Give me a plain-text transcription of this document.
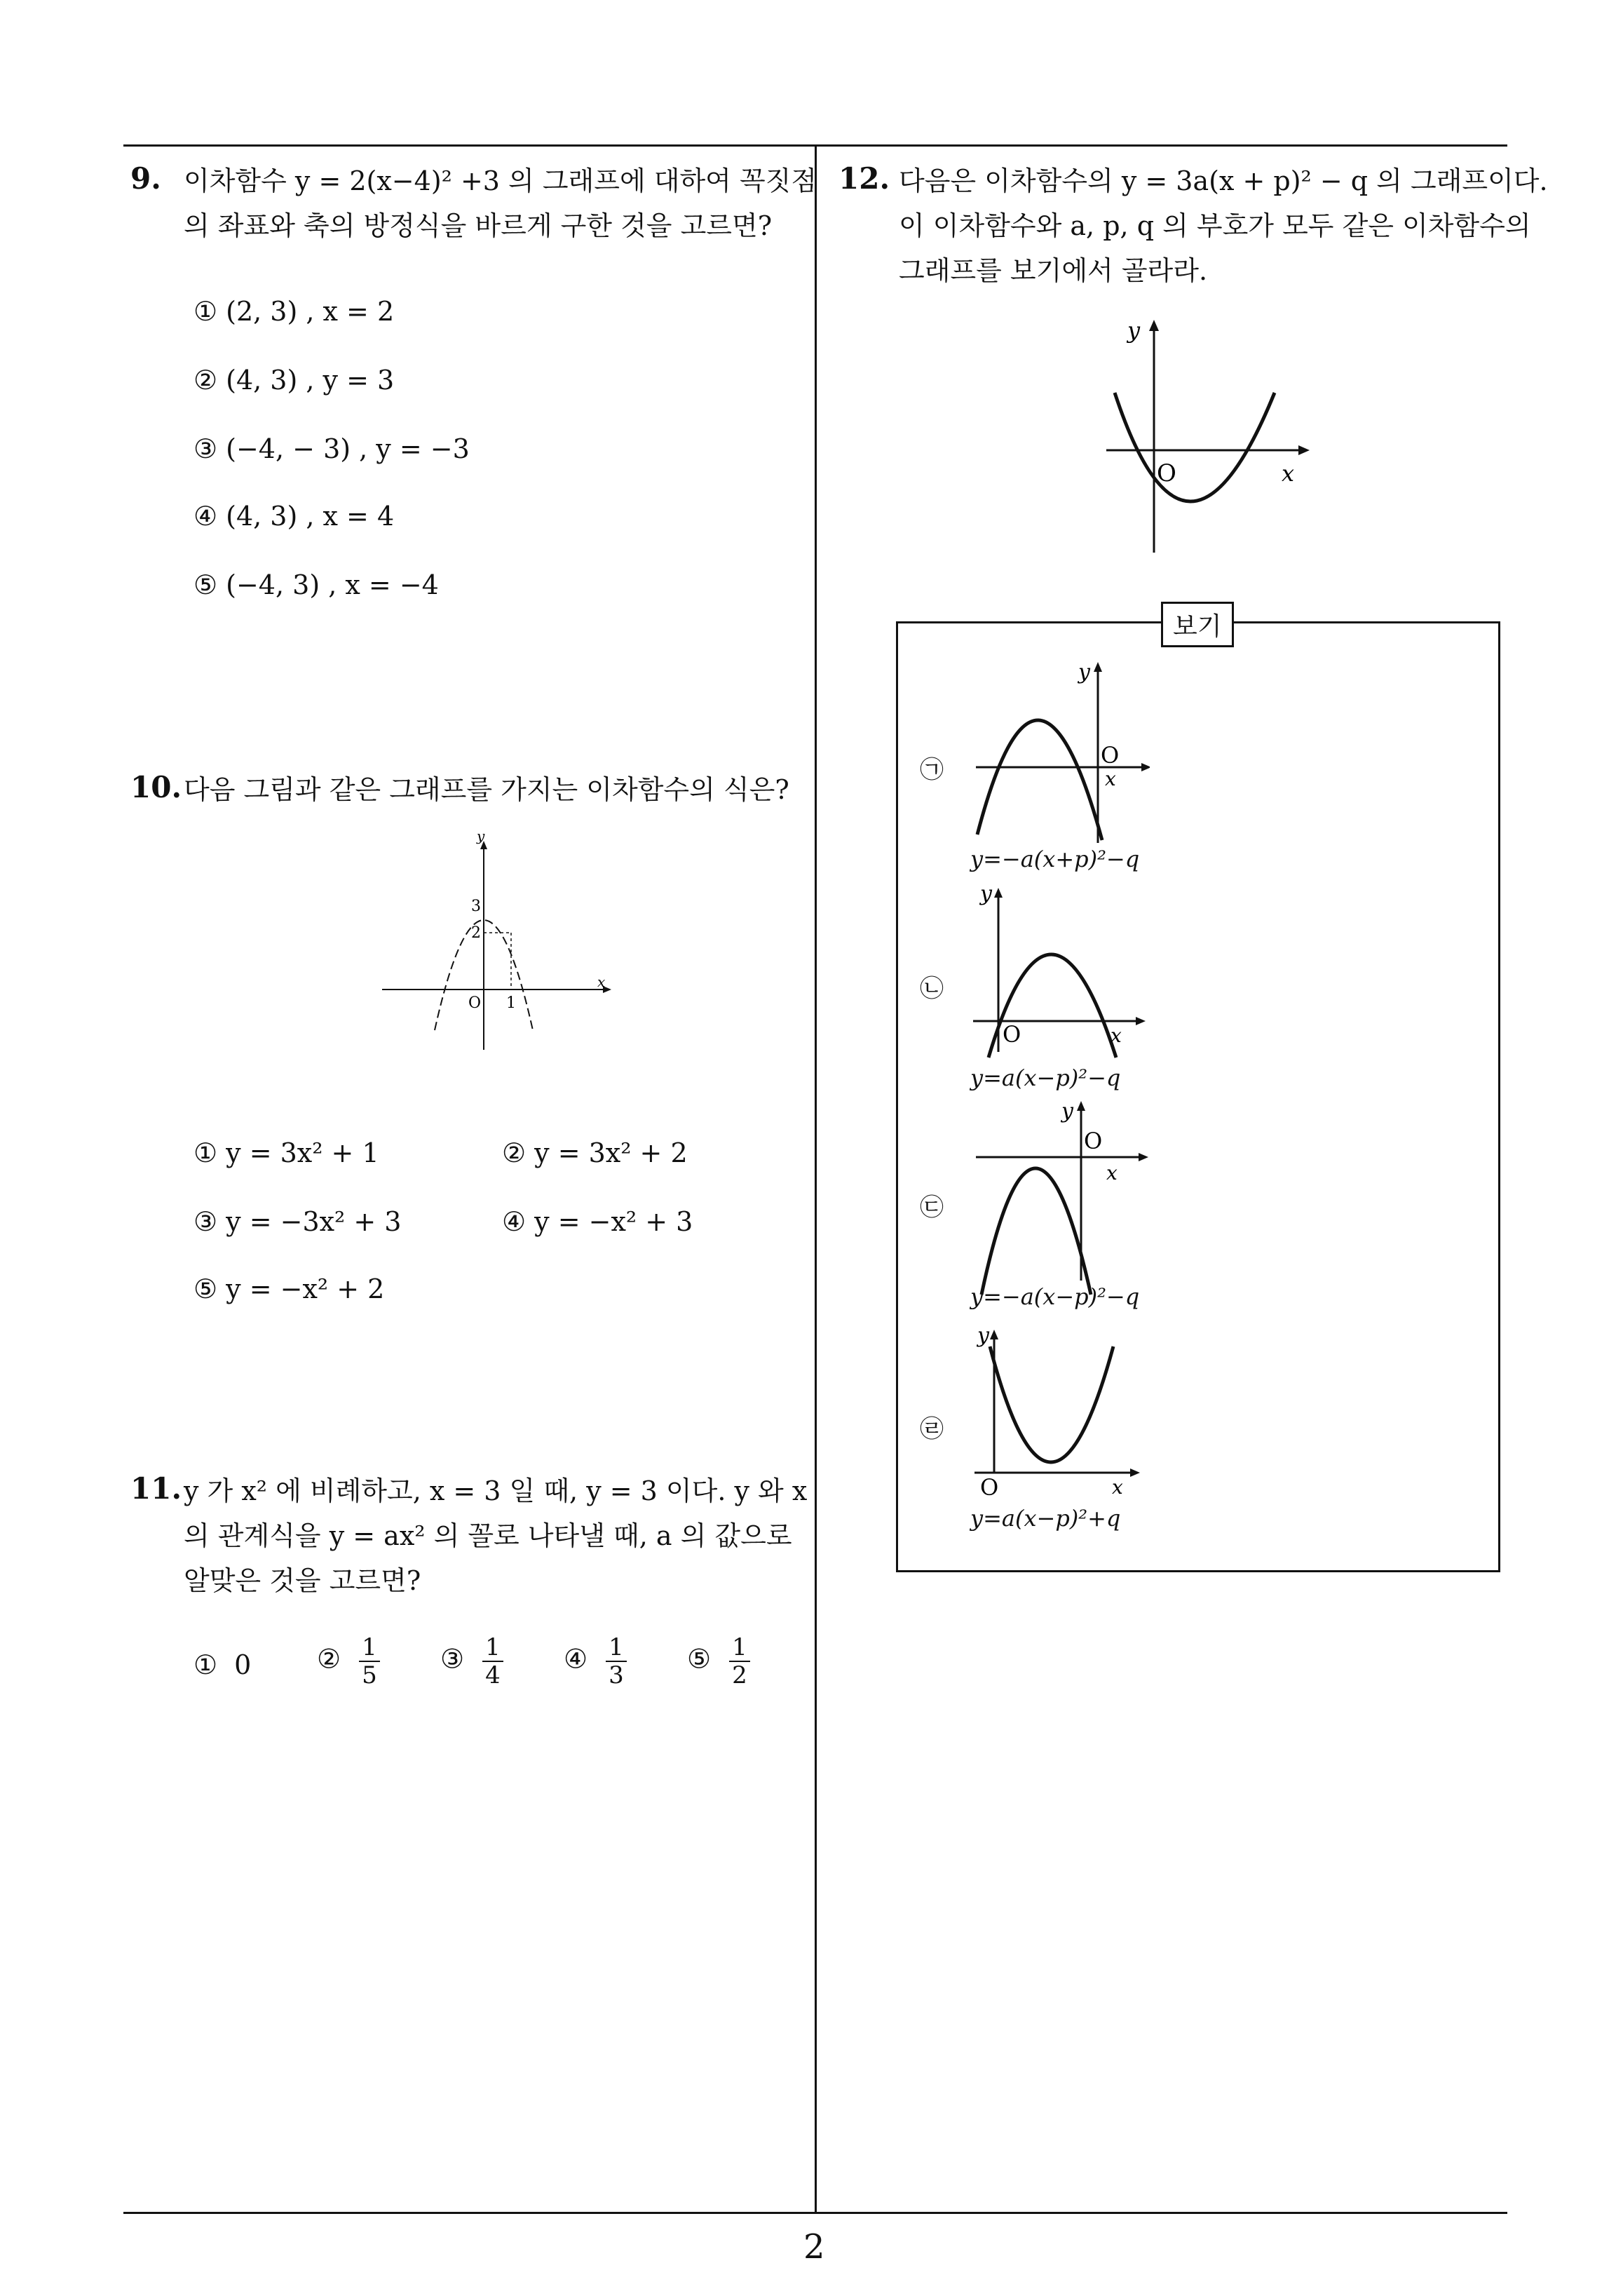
9. 이차함수 y = 2(x−4)² +3 의 그래프에 대하여 꼭짓점
의 좌표와 축의 방정식을 바르게 구한 것을 고르면?
① (2, 3) , x = 2
② (4, 3) , y = 3
③ (−4, − 3) , y = −3
④ (4, 3) , x = 4
⑤ (−4, 3) , x = −4
10. 다음 그림과 같은 그래프를 가지는 이차함수의 식은?
y
x
O 1
3
2
① y = 3x² + 1	② y = 3x² + 2
③ y = −3x² + 3	④ y = −x² + 3
⑤ y = −x² + 2
11. y 가 x² 에 비례하고, x = 3 일 때, y = 3 이다. y 와 x
의 관계식을 y = ax² 의 꼴로 나타낼 때, a 의 값으로
알맞은 것을 고르면?
① 0 ② $\frac{1}{5}$ ③ $\frac{1}{4}$ ④ $\frac{1}{3}$ ⑤ $\frac{1}{2}$
12. 다음은 이차함수의 y = 3a(x + p)² − q 의 그래프이다.
이 이차함수와 a, p, q 의 부호가 모두 같은 이차함수의
그래프를 보기에서 골라라.
y
x
O
보기
㉠
y
O
x
y=−a(x+p)²−q
㉡
y
O	x
y=a(x−p)²−q
㉢
y
O
x
y=−a(x−p)²−q
㉣
y
O	x
y=a(x−p)²+q
2
